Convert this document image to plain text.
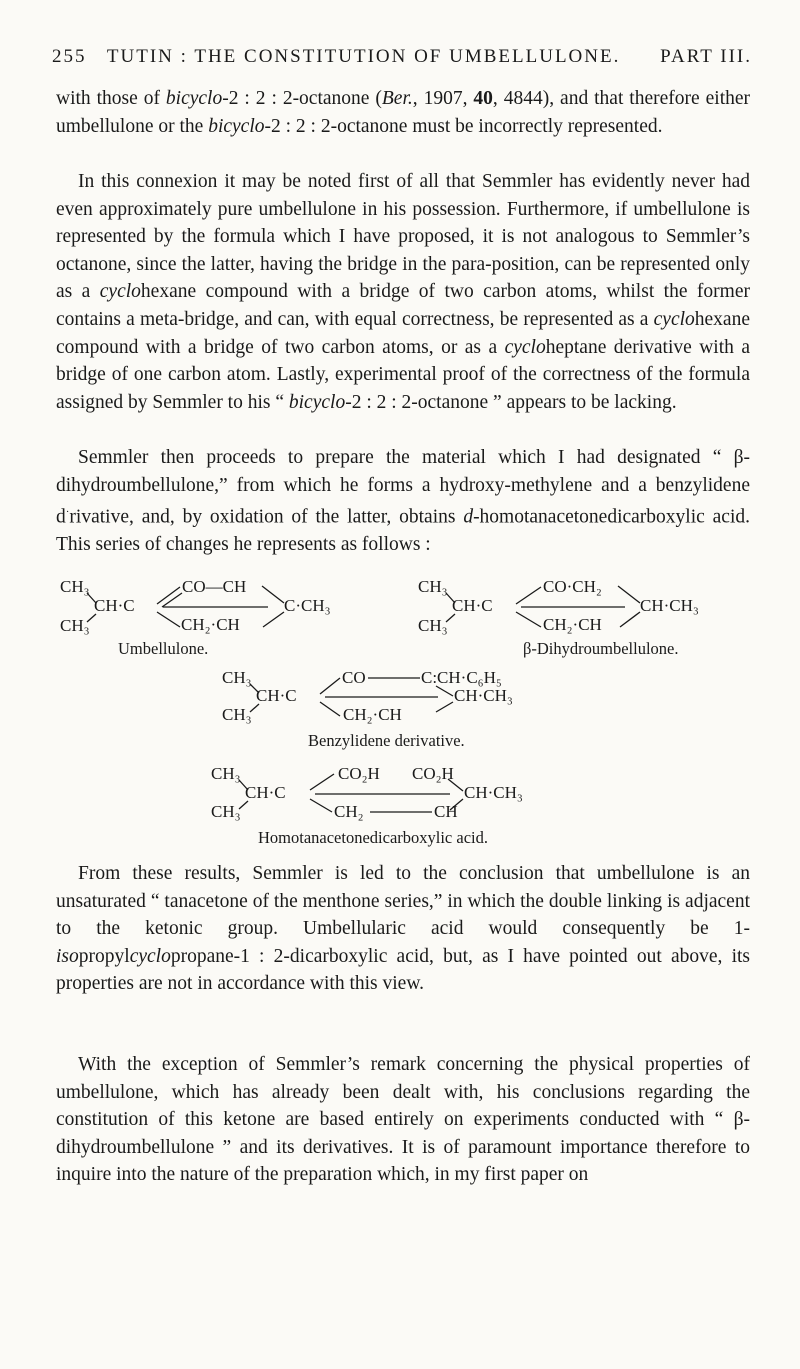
255 TUTIN : THE CONSTITUTION OF UMBELLULONE. PART III.

with those of bicyclo-2 : 2 : 2-octanone (Ber., 1907, 40, 4844), and that therefore either umbellulone or the bicyclo-2 : 2 : 2-octanone must be incorrectly represented.

In this connexion it may be noted first of all that Semmler has evidently never had even approximately pure umbellulone in his possession. Furthermore, if umbellulone is represented by the formula which I have proposed, it is not analogous to Semmler’s octanone, since the latter, having the bridge in the para-position, can be represented only as a cyclohexane compound with a bridge of two carbon atoms, whilst the former contains a meta-bridge, and can, with equal correctness, be represented as a cyclohexane compound with a bridge of two carbon atoms, or as a cycloheptane derivative with a bridge of one carbon atom. Lastly, experimental proof of the correctness of the formula assigned by Semmler to his “ bicyclo-2 : 2 : 2-octanone ” appears to be lacking.

Semmler then proceeds to prepare the material which I had designated “ β-dihydroumbellulone,” from which he forms a hydroxy-methylene and a benzylidene d·rivative, and, by oxidation of the latter, obtains d-homotanacetonedicarboxylic acid. This series of changes he represents as follows :

CH₃
CH₃
CH·C
CO—CH
C·CH₃
CH₂·CH
Umbellulone.
CH₃
CH₃
CH·C
CO·CH₂
CH·CH₃
CH₂·CH
β-Dihydroumbellulone.
CH₃
CH₃
CH·C
CO	C:CH·C₆H₅
CH·CH₃
CH₂·CH
Benzylidene derivative.
CH₃
CH₃
CH·C
CO₂H CO₂H
CH·CH₃
CH₂	CH
Homotanacetonedicarboxylic acid.

From these results, Semmler is led to the conclusion that umbellulone is an unsaturated “ tanacetone of the menthone series,” in which the double linking is adjacent to the ketonic group. Umbellularic acid would consequently be 1-isopropylcyclopropane-1 : 2-dicarboxylic acid, but, as I have pointed out above, its properties are not in accordance with this view.

With the exception of Semmler’s remark concerning the physical properties of umbellulone, which has already been dealt with, his conclusions regarding the constitution of this ketone are based entirely on experiments conducted with “ β-dihydroumbellulone ” and its derivatives. It is of paramount importance therefore to inquire into the nature of the preparation which, in my first paper on
